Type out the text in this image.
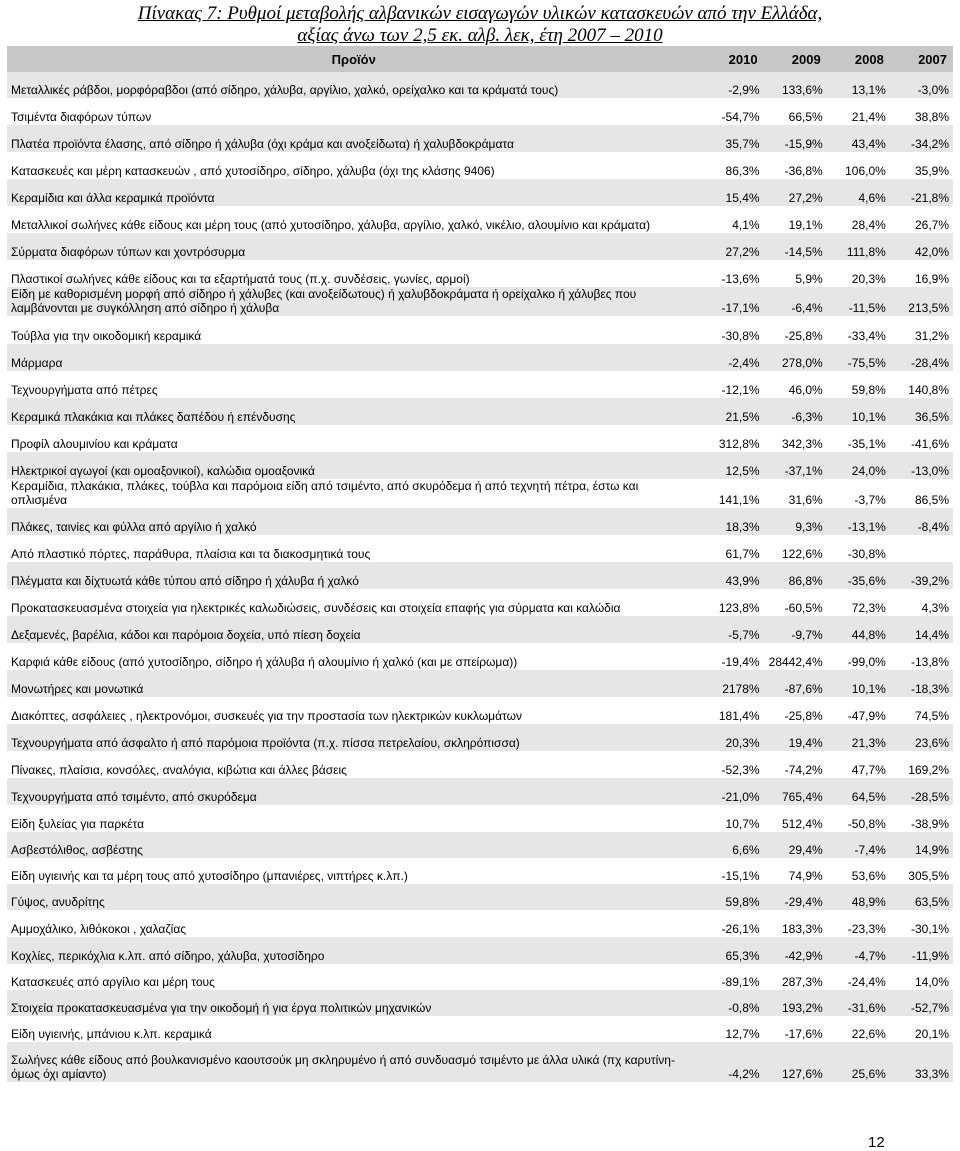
Πίνακας 7: Ρυθμοί μεταβολής αλβανικών εισαγωγών υλικών κατασκευών από την Ελλάδα,
αξίας άνω των 2,5 εκ. αλβ. λεκ, έτη 2007 – 2010
Προϊόν	2010	2009	2008	2007
Μεταλλικές ράβδοι, μορφόραβδοι (από σίδηρο, χάλυβα, αργίλιο, χαλκό, ορείχαλκο και τα κράματά τους)	-2,9%	133,6%	13,1%	-3,0%
Τσιμέντα διαφόρων τύπων	-54,7%	66,5%	21,4%	38,8%
Πλατέα προϊόντα έλασης, από σίδηρο ή χάλυβα (όχι κράμα και ανοξείδωτα) ή χαλυβδοκράματα	35,7%	-15,9%	43,4%	-34,2%
Κατασκευές και μέρη κατασκευών , από χυτοσίδηρο, σίδηρο, χάλυβα (όχι της κλάσης 9406)	86,3%	-36,8%	106,0%	35,9%
Κεραμίδια και άλλα κεραμικά προϊόντα	15,4%	27,2%	4,6%	-21,8%
Μεταλλικοί σωλήνες κάθε είδους και μέρη τους (από χυτοσίδηρο, χάλυβα, αργίλιο, χαλκό, νικέλιο, αλουμίνιο και κράματα)	4,1%	19,1%	28,4%	26,7%
Σύρματα διαφόρων τύπων και χοντρόσυρμα	27,2%	-14,5%	111,8%	42,0%
Πλαστικοί σωλήνες κάθε είδους και τα εξαρτήματά τους (π.χ. συνδέσεις, γωνίες, αρμοί)	-13,6%	5,9%	20,3%	16,9%
Είδη με καθορισμένη μορφή από σίδηρο ή χάλυβες (και ανοξείδωτους) ή χαλυβδοκράματα ή ορείχαλκο ή χάλυβες που λαμβάνονται με συγκόλληση από σίδηρο ή χάλυβα	-17,1%	-6,4%	-11,5%	213,5%
Τούβλα για την οικοδομική κεραμικά	-30,8%	-25,8%	-33,4%	31,2%
Μάρμαρα	-2,4%	278,0%	-75,5%	-28,4%
Τεχνουργήματα από πέτρες	-12,1%	46,0%	59,8%	140,8%
Κεραμικά πλακάκια και πλάκες δαπέδου ή επένδυσης	21,5%	-6,3%	10,1%	36,5%
Προφίλ αλουμινίου και κράματα	312,8%	342,3%	-35,1%	-41,6%
Ηλεκτρικοί αγωγοί (και ομοαξονικοί), καλώδια ομοαξονικά	12,5%	-37,1%	24,0%	-13,0%
Κεραμίδια, πλακάκια, πλάκες, τούβλα και παρόμοια είδη από τσιμέντο, από σκυρόδεμα ή από τεχνητή πέτρα, έστω και οπλισμένα	141,1%	31,6%	-3,7%	86,5%
Πλάκες, ταινίες και φύλλα από αργίλιο ή χαλκό	18,3%	9,3%	-13,1%	-8,4%
Από πλαστικό πόρτες, παράθυρα, πλαίσια και τα διακοσμητικά τους	61,7%	122,6%	-30,8%	
Πλέγματα και δίχτυωτά κάθε τύπου από σίδηρο ή χάλυβα ή χαλκό	43,9%	86,8%	-35,6%	-39,2%
Προκατασκευασμένα στοιχεία για ηλεκτρικές καλωδιώσεις, συνδέσεις και στοιχεία επαφής για σύρματα και καλώδια	123,8%	-60,5%	72,3%	4,3%
Δεξαμενές, βαρέλια, κάδοι και παρόμοια δοχεία, υπό πίεση δοχεία	-5,7%	-9,7%	44,8%	14,4%
Καρφιά κάθε είδους (από χυτοσίδηρο, σίδηρο ή χάλυβα ή αλουμίνιο ή χαλκό (και με σπείρωμα))	-19,4%	28442,4%	-99,0%	-13,8%
Μονωτήρες και μονωτικά	2178%	-87,6%	10,1%	-18,3%
Διακόπτες, ασφάλειες , ηλεκτρονόμοι, συσκευές για την προστασία των ηλεκτρικών κυκλωμάτων	181,4%	-25,8%	-47,9%	74,5%
Τεχνουργήματα από άσφαλτο ή από παρόμοια προϊόντα (π.χ. πίσσα πετρελαίου, σκληρόπισσα)	20,3%	19,4%	21,3%	23,6%
Πίνακες, πλαίσια, κονσόλες, αναλόγια, κιβώτια και άλλες βάσεις	-52,3%	-74,2%	47,7%	169,2%
Τεχνουργήματα από τσιμέντο, από σκυρόδεμα	-21,0%	765,4%	64,5%	-28,5%
Είδη ξυλείας για παρκέτα	10,7%	512,4%	-50,8%	-38,9%
Ασβεστόλιθος, ασβέστης	6,6%	29,4%	-7,4%	14,9%
Είδη υγιεινής και τα μέρη τους από χυτοσίδηρο (μπανιέρες, νιπτήρες κ.λπ.)	-15,1%	74,9%	53,6%	305,5%
Γύψος, ανυδρίτης	59,8%	-29,4%	48,9%	63,5%
Αμμοχάλικο, λιθόκοκοι , χαλαζίας	-26,1%	183,3%	-23,3%	-30,1%
Κοχλίες, περικόχλια κ.λπ. από σίδηρο, χάλυβα, χυτοσίδηρο	65,3%	-42,9%	-4,7%	-11,9%
Κατασκευές από αργίλιο και μέρη τους	-89,1%	287,3%	-24,4%	14,0%
Στοιχεία προκατασκευασμένα για την οικοδομή ή για έργα πολιτικών μηχανικών	-0,8%	193,2%	-31,6%	-52,7%
Είδη υγιεινής, μπάνιου κ.λπ. κεραμικά	12,7%	-17,6%	22,6%	20,1%
Σωλήνες κάθε είδους από βουλκανισμένο καουτσούκ μη σκληρυμένο ή από συνδυασμό τσιμέντο με άλλα υλικά (πχ καρυτίνη-όμως όχι αμίαντο)	-4,2%	127,6%	25,6%	33,3%
12
